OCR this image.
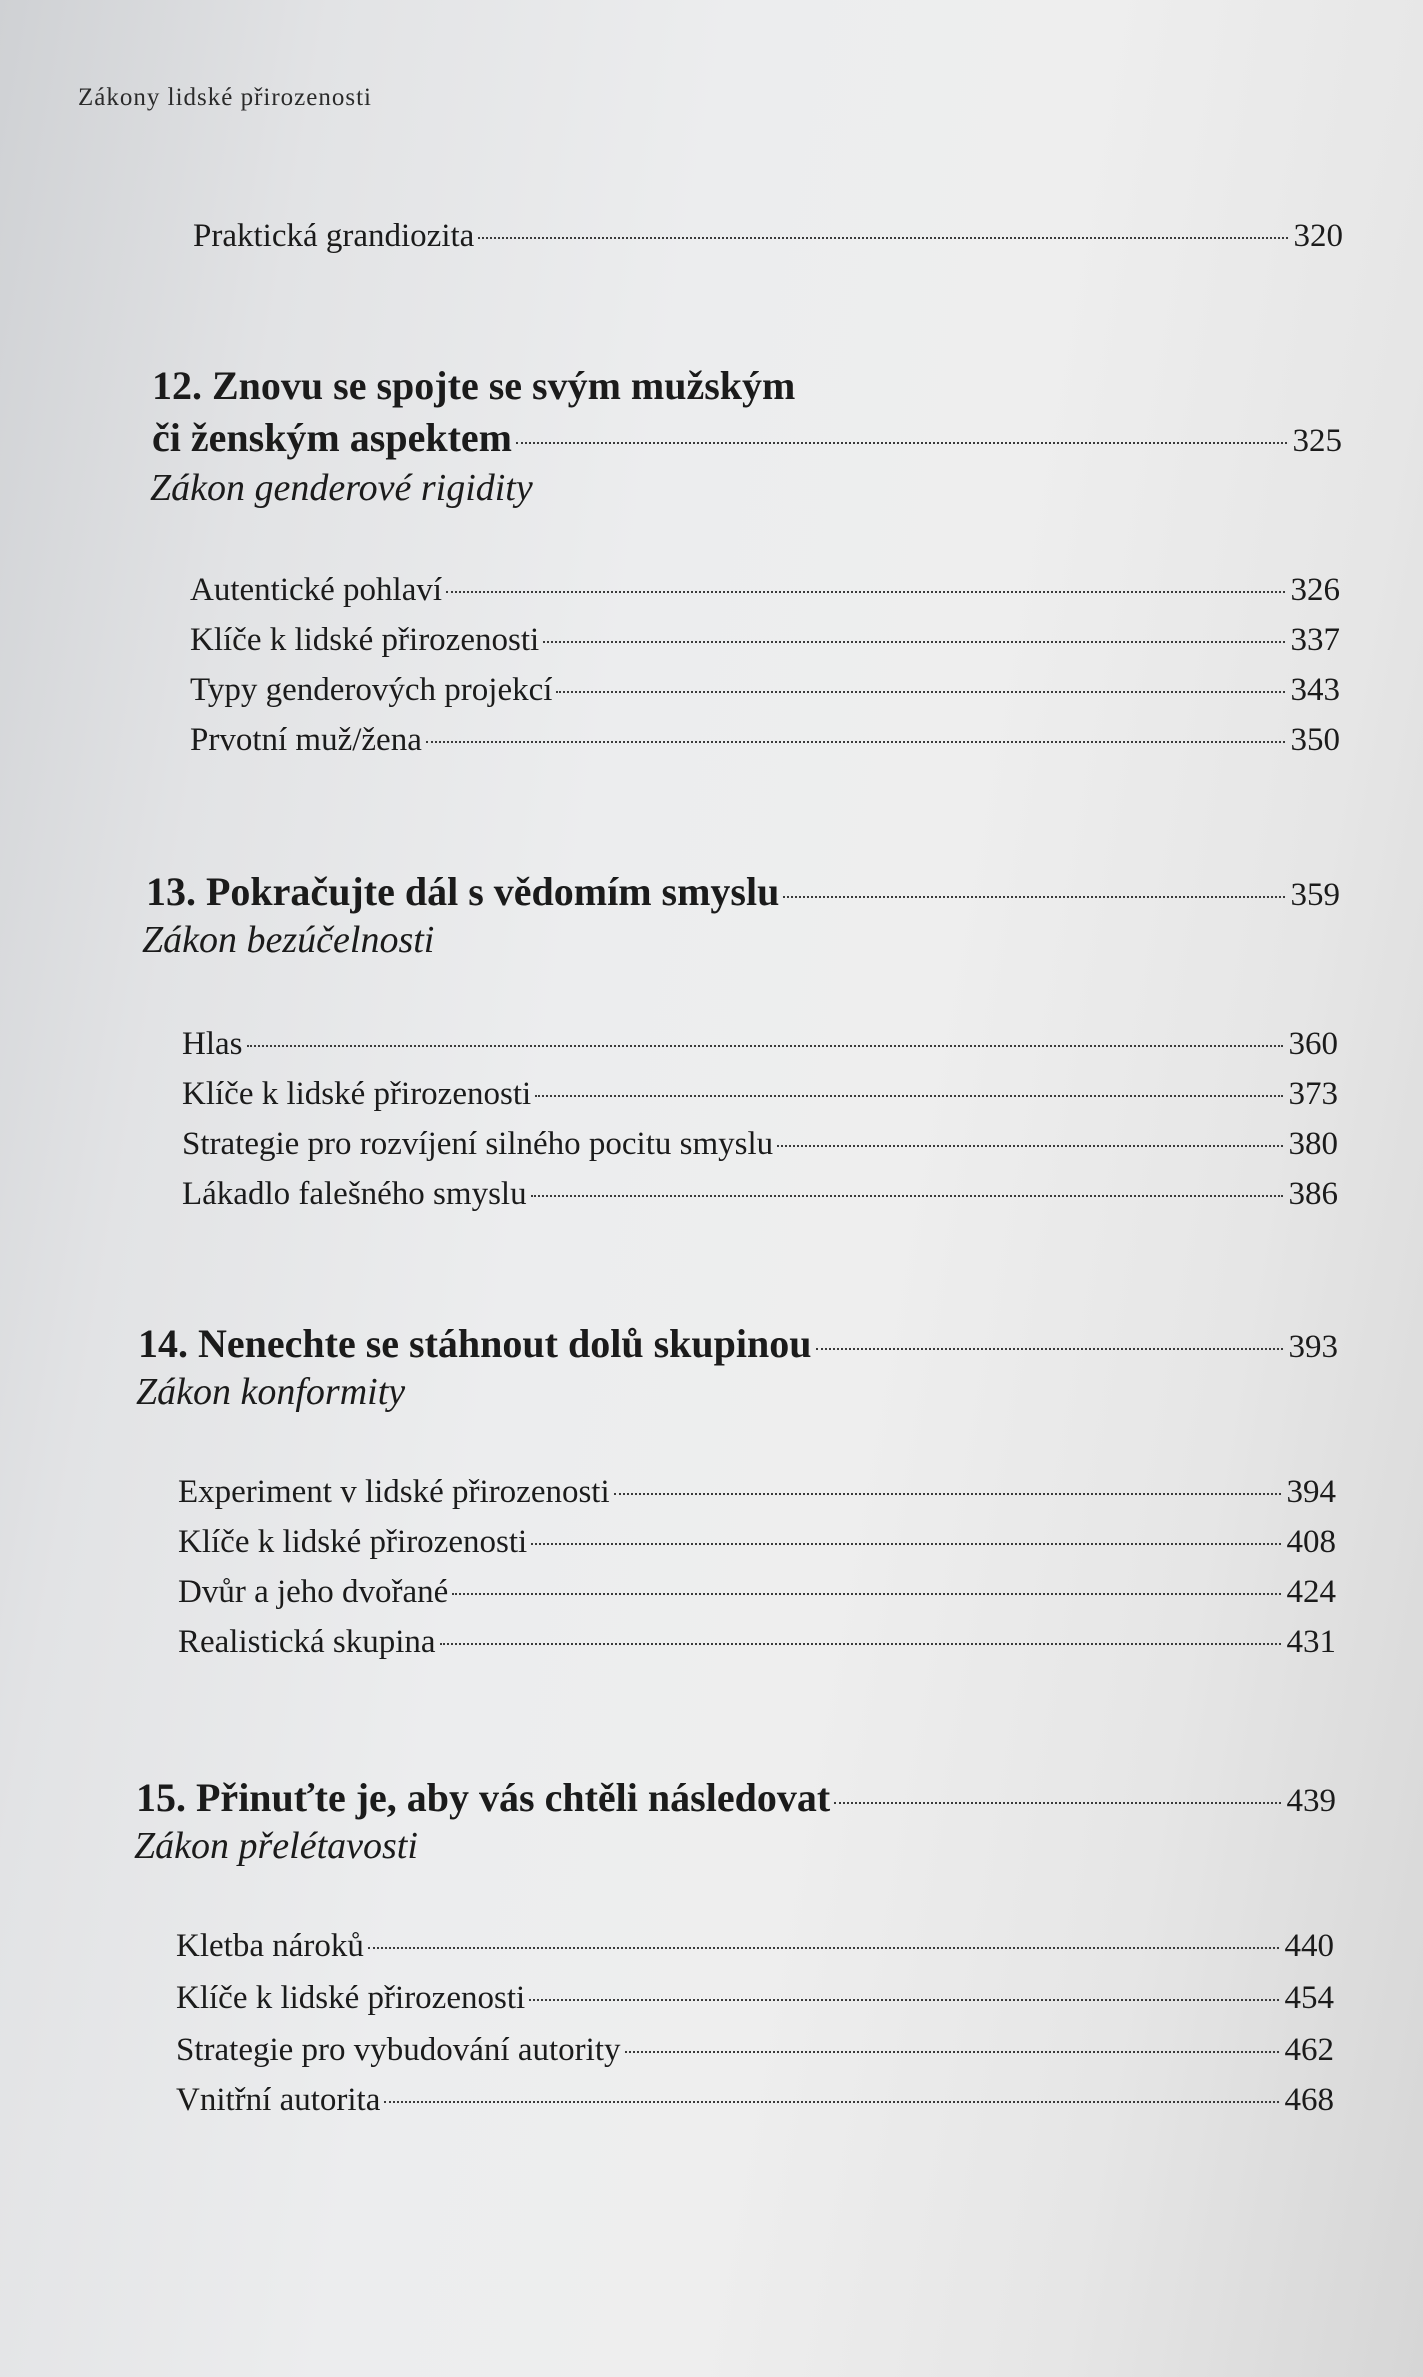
Zákony lidské přirozenosti
Praktická grandiozita	320
12. Znovu se spojte se svým mužským
či ženským aspektem	325
Zákon genderové rigidity
Autentické pohlaví	326
Klíče k lidské přirozenosti	337
Typy genderových projekcí	343
Prvotní muž/žena	350
13. Pokračujte dál s vědomím smyslu	359
Zákon bezúčelnosti
Hlas	360
Klíče k lidské přirozenosti	373
Strategie pro rozvíjení silného pocitu smyslu	380
Lákadlo falešného smyslu	386
14. Nenechte se stáhnout dolů skupinou	393
Zákon konformity
Experiment v lidské přirozenosti	394
Klíče k lidské přirozenosti	408
Dvůr a jeho dvořané	424
Realistická skupina	431
15. Přinuťte je, aby vás chtěli následovat	439
Zákon přelétavosti
Kletba nároků	440
Klíče k lidské přirozenosti	454
Strategie pro vybudování autority	462
Vnitřní autorita	468
